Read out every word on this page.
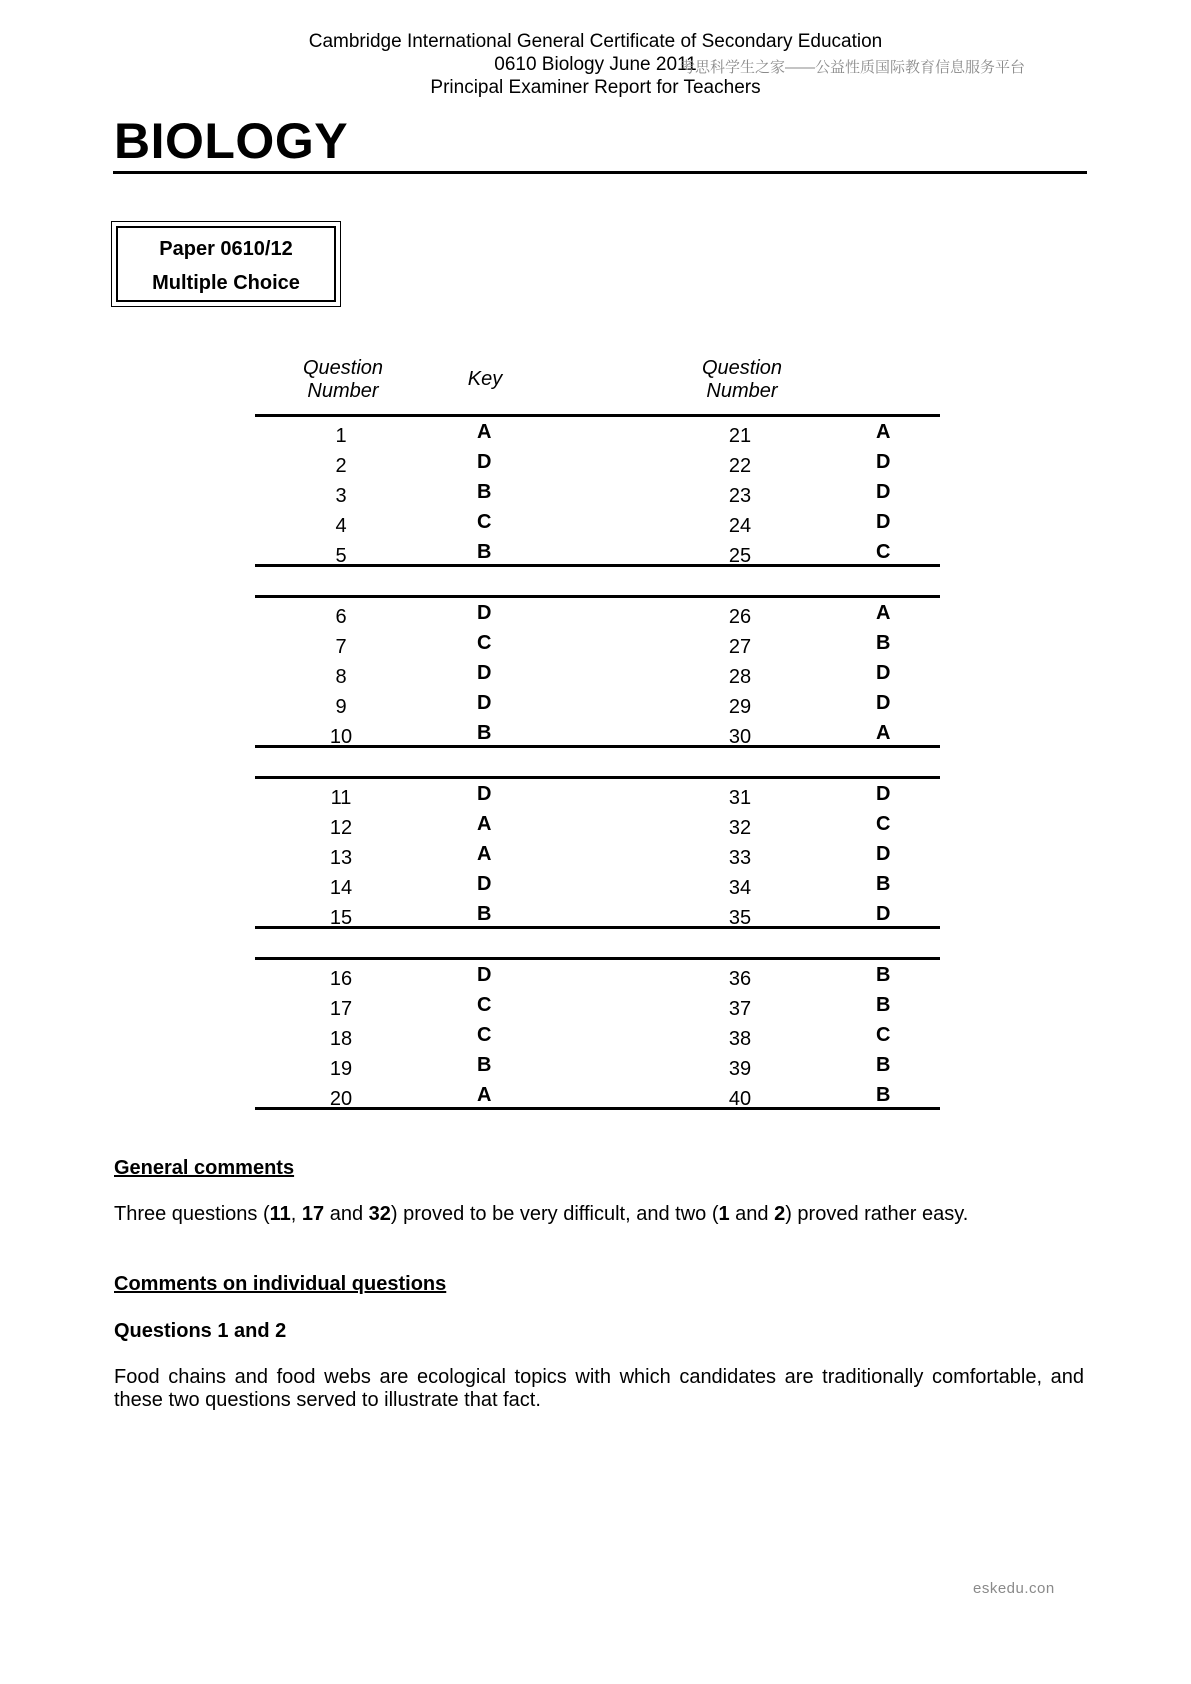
Cambridge International General Certificate of Secondary Education
0610 Biology June 2011
Principal Examiner Report for Teachers
考思科学生之家——公益性质国际教育信息服务平台
BIOLOGY
Paper 0610/12
Multiple Choice
Question
Number
Key	Question
Number
1	A	21	A
2	D	22	D
3	B	23	D
4	C	24	D
5	B	25	C
6	D	26	A
7	C	27	B
8	D	28	D
9	D	29	D
10	B	30	A
11	D	31	D
12	A	32	C
13	A	33	D
14	D	34	B
15	B	35	D
16	D	36	B
17	C	37	B
18	C	38	C
19	B	39	B
20	A	40	B
General comments
Three questions (11, 17 and 32) proved to be very difficult, and two (1 and 2) proved rather easy.
Comments on individual questions
Questions 1 and 2
Food chains and food webs are ecological topics with which candidates are traditionally comfortable, and these two questions served to illustrate that fact.
eskedu.con
